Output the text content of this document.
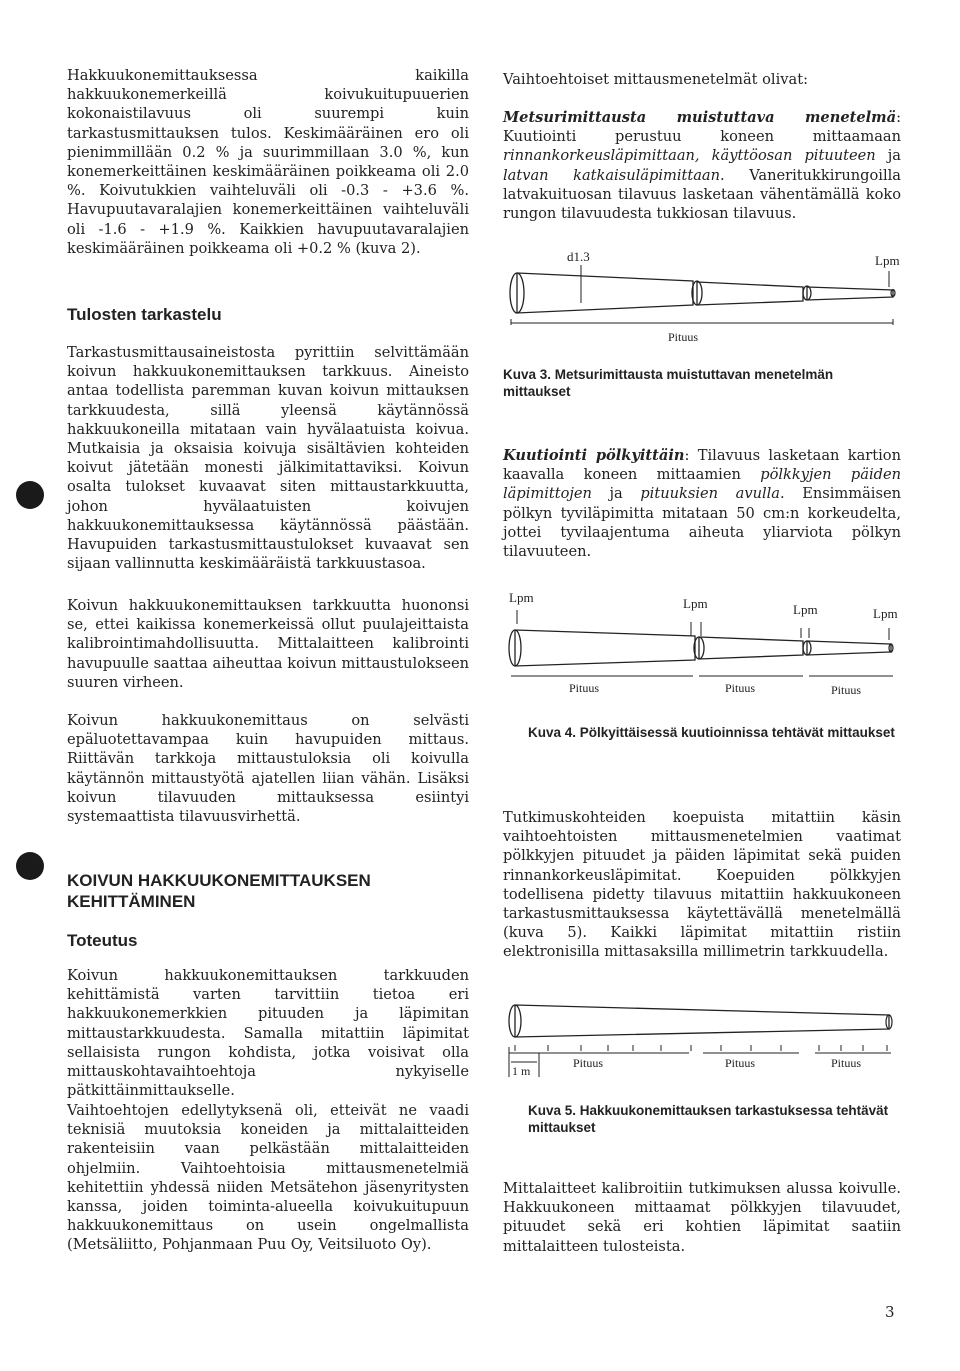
Hakkuukonemittauksessa kaikilla hakkuukonemerkeillä koivukuitupuuerien kokonaistilavuus oli suurempi kuin tarkastusmittauksen tulos. Keskimääräinen ero oli pienimmillään 0.2 % ja suurimmillaan 3.0 %, kun konemerkeittäinen keskimääräinen poikkeama oli 2.0 %. Koivutukkien vaihteluväli oli -0.3 - +3.6 %. Havupuutavaralajien konemerkeittäinen vaihteluväli oli -1.6 - +1.9 %. Kaikkien havupuutavaralajien keskimääräinen poikkeama oli +0.2 % (kuva 2).

Tulosten tarkastelu

Tarkastusmittausaineistosta pyrittiin selvittämään koivun hakkuukonemittauksen tarkkuus. Aineisto antaa todellista paremman kuvan koivun mittauksen tarkkuudesta, sillä yleensä käytännössä hakkuukoneilla mitataan vain hyvälaatuista koivua. Mutkaisia ja oksaisia koivuja sisältävien kohteiden koivut jätetään monesti jälkimitattaviksi. Koivun osalta tulokset kuvaavat siten mittaustarkkuutta, johon hyvälaatuisten koivujen hakkuukonemittauksessa käytännössä päästään. Havupuiden tarkastusmittaustulokset kuvaavat sen sijaan vallinnutta keskimääräistä tarkkuustasoa.

Koivun hakkuukonemittauksen tarkkuutta huononsi se, ettei kaikissa konemerkeissä ollut puulajeittaista kalibrointimahdollisuutta. Mittalaitteen kalibrointi havupuulle saattaa aiheuttaa koivun mittaustulokseen suuren virheen.

Koivun hakkuukonemittaus on selvästi epäluotettavampaa kuin havupuiden mittaus. Riittävän tarkkoja mittaustuloksia oli koivulla käytännön mittaustyötä ajatellen liian vähän. Lisäksi koivun tilavuuden mittauksessa esiintyi systemaattista tilavuusvirhettä.

KOIVUN HAKKUUKONEMITTAUKSEN KEHITTÄMINEN
Toteutus

Koivun hakkuukonemittauksen tarkkuuden kehittämistä varten tarvittiin tietoa eri hakkuukonemerkkien pituuden ja läpimitan mittaustarkkuudesta. Samalla mitattiin läpimitat sellaisista rungon kohdista, jotka voisivat olla mittauskohtavaihtoehtoja nykyiselle pätkittäinmittaukselle.

Vaihtoehtojen edellytyksenä oli, etteivät ne vaadi teknisiä muutoksia koneiden ja mittalaitteiden rakenteisiin vaan pelkästään mittalaitteiden ohjelmiin. Vaihtoehtoisia mittausmenetelmiä kehitettiin yhdessä niiden Metsätehon jäsenyritysten kanssa, joiden toiminta-alueella koivukuitupuun hakkuukonemittaus on usein ongelmallista (Metsäliitto, Pohjanmaan Puu Oy, Veitsiluoto Oy).

Vaihtoehtoiset mittausmenetelmät olivat:

Metsurimittausta muistuttava menetelmä: Kuutiointi perustuu koneen mittaamaan rinnankorkeusläpimittaan, käyttöosan pituuteen ja latvan katkaisuläpimittaan. Vaneritukkirungoilla latvakuituosan tilavuus lasketaan vähentämällä koko rungon tilavuudesta tukkiosan tilavuus.

d1.3	Lpm
Pituus
Kuva 3. Metsurimittausta muistuttavan menetelmän mittaukset

Kuutiointi pölkyittäin: Tilavuus lasketaan kartion kaavalla koneen mittaamien pölkkyjen päiden läpimittojen ja pituuksien avulla. Ensimmäisen pölkyn tyviläpimitta mitataan 50 cm:n korkeudelta, jottei tyvilaajentuma aiheuta yliarviota pölkyn tilavuuteen.

Lpm	Lpm	Lpm	Lpm
Pituus	Pituus	Pituus
Kuva 4. Pölkyittäisessä kuutioinnissa tehtävät mittaukset

Tutkimuskohteiden koepuista mitattiin käsin vaihtoehtoisten mittausmenetelmien vaatimat pölkkyjen pituudet ja päiden läpimitat sekä puiden rinnankorkeusläpimitat. Koepuiden pölkkyjen todellisena pidetty tilavuus mitattiin hakkuukoneen tarkastusmittauksessa käytettävällä menetelmällä (kuva 5). Kaikki läpimitat mitattiin ristiin elektronisilla mittasaksilla millimetrin tarkkuudella.

1 m
Pituus	Pituus	Pituus
Kuva 5. Hakkuukonemittauksen tarkastuksessa tehtävät mittaukset

Mittalaitteet kalibroitiin tutkimuksen alussa koivulle. Hakkuukoneen mittaamat pölkkyjen tilavuudet, pituudet sekä eri kohtien läpimitat saatiin mittalaitteen tulosteista.

3
